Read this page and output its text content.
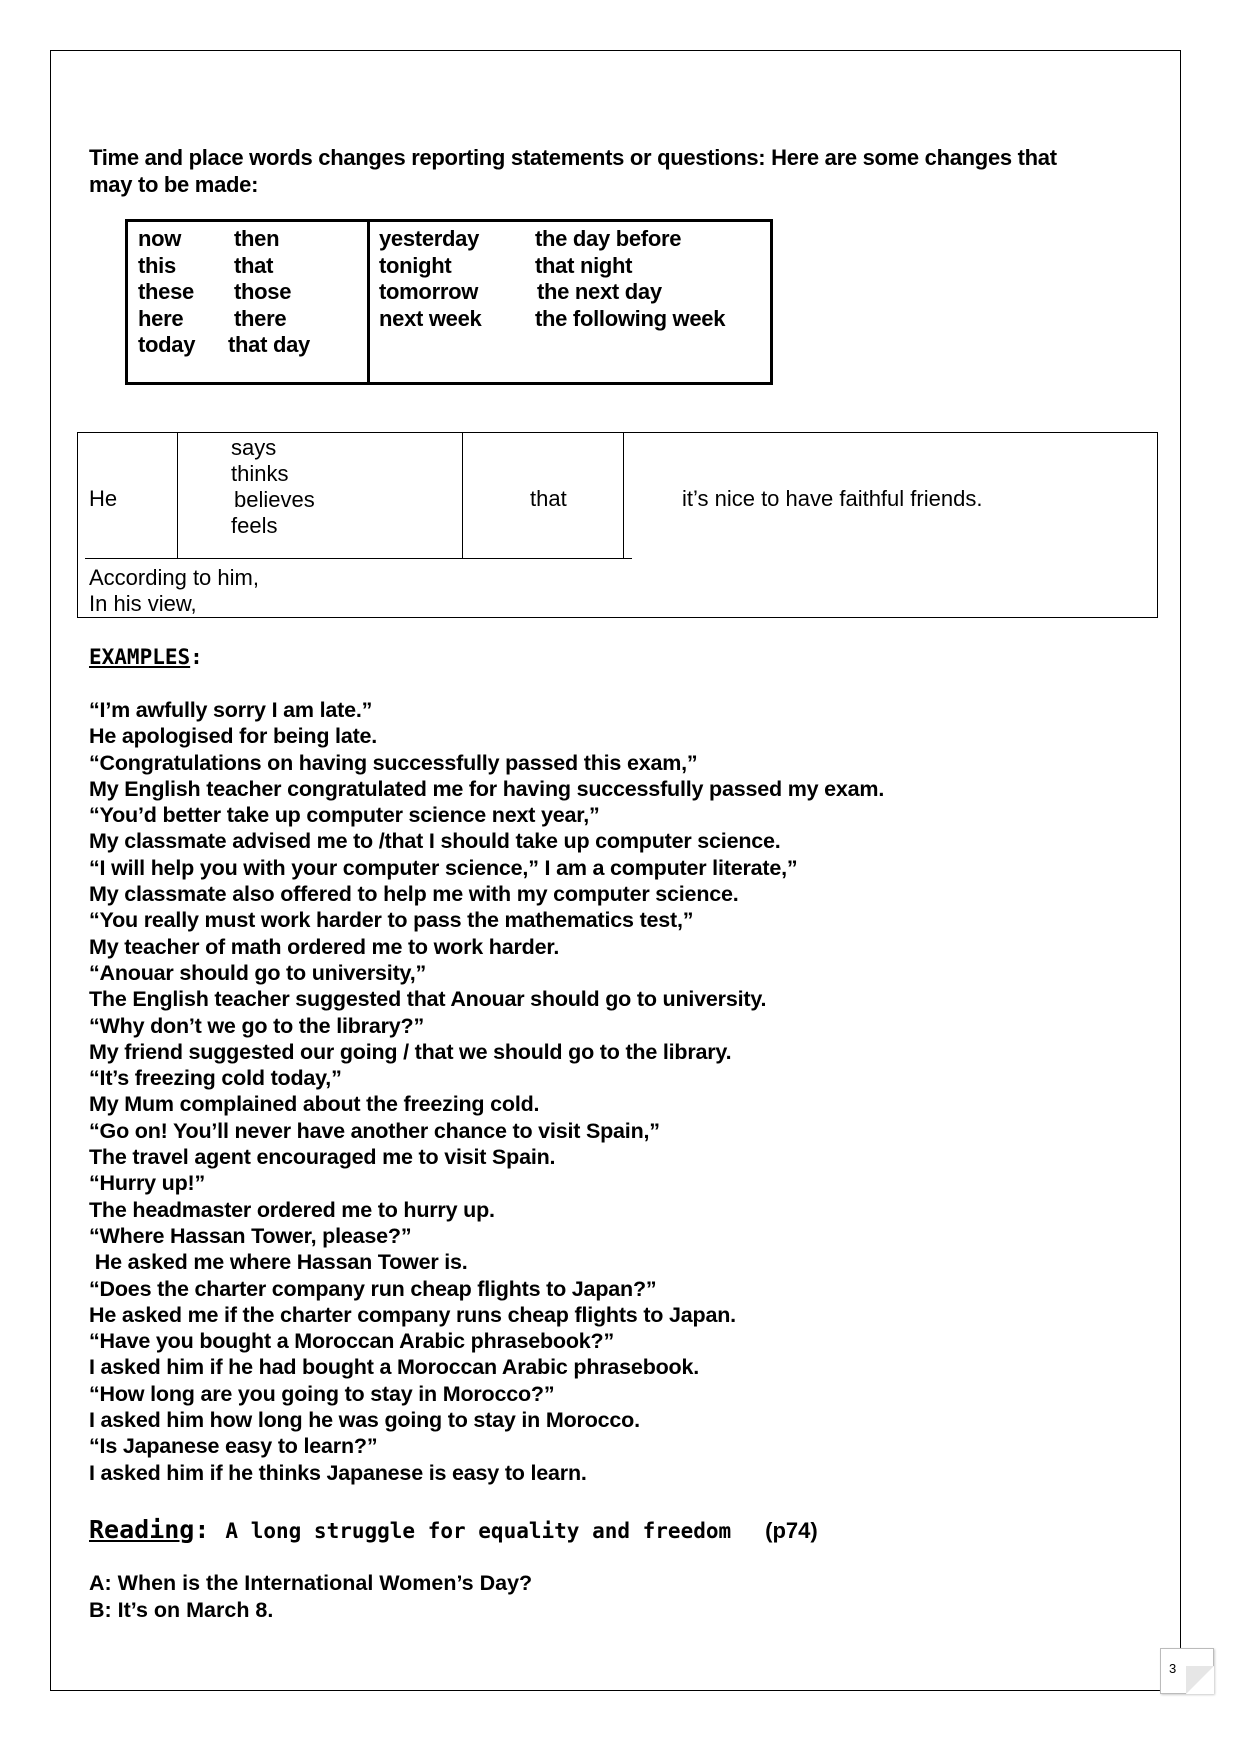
Time and place words changes reporting statements or questions: Here are some changes that
may to be made:
now
this
these
here
today
then
that
those
there
that day
yesterday
tonight
tomorrow
next week
the day before
that night
the next day
the following week
He
says
thinks
believes
feels
that	it’s nice to have faithful friends.
According to him,
In his view,
EXAMPLES:
“I’m awfully sorry I am late.”
He apologised for being late.
“Congratulations on having successfully passed this exam,”
My English teacher congratulated me for having successfully passed my exam.
“You’d better take up computer science next year,”
My classmate advised me to /that I should take up computer science.
“I will help you with your computer science,” I am a computer literate,”
My classmate also offered to help me with my computer science.
“You really must work harder to pass the mathematics test,”
My teacher of math ordered me to work harder.
“Anouar should go to university,”
The English teacher suggested that Anouar should go to university.
“Why don’t we go to the library?”
My friend suggested our going / that we should go to the library.
“It’s freezing cold today,”
My Mum complained about the freezing cold.
“Go on! You’ll never have another chance to visit Spain,”
The travel agent encouraged me to visit Spain.
“Hurry up!”
The headmaster ordered me to hurry up.
“Where Hassan Tower, please?”
He asked me where Hassan Tower is.
“Does the charter company run cheap flights to Japan?”
He asked me if the charter company runs cheap flights to Japan.
“Have you bought a Moroccan Arabic phrasebook?”
I asked him if he had bought a Moroccan Arabic phrasebook.
“How long are you going to stay in Morocco?”
I asked him how long he was going to stay in Morocco.
“Is Japanese easy to learn?”
I asked him if he thinks Japanese is easy to learn.
Reading: A long struggle for equality and freedom (p74)
A: When is the International Women’s Day?
B: It’s on March 8.
3
